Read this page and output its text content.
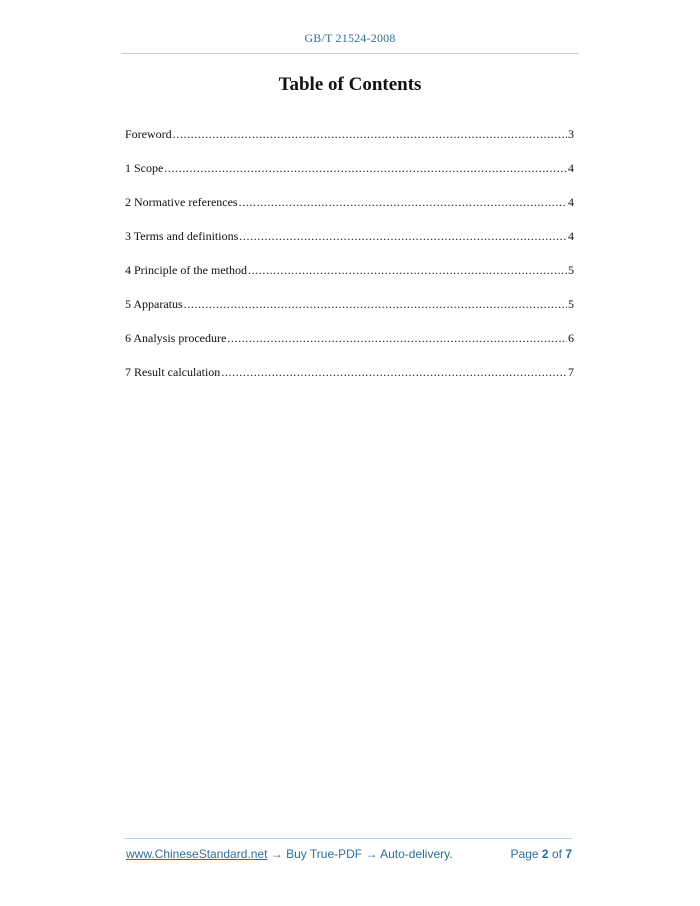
GB/T 21524-2008
Table of Contents
Foreword .....	3
1 Scope .....	4
2 Normative references .....	4
3 Terms and definitions .....	4
4 Principle of the method .....	5
5 Apparatus .....	5
6 Analysis procedure .....	6
7 Result calculation .....	7
www.ChineseStandard.net → Buy True-PDF → Auto-delivery.	Page 2 of 7
